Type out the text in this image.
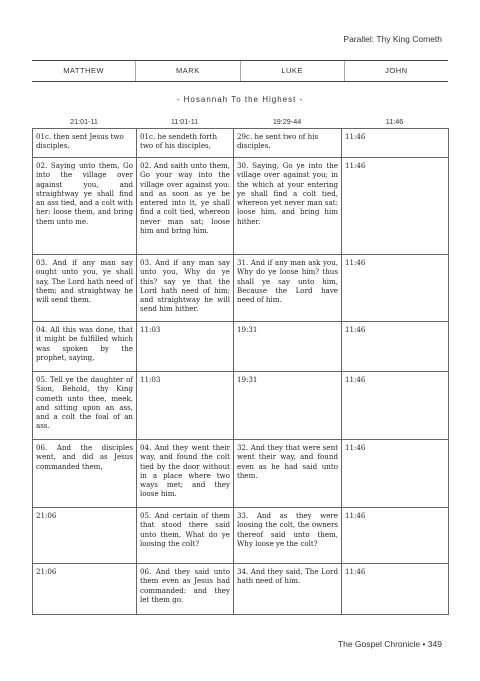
Parallel: Thy King Cometh
MATTHEW	MARK	LUKE	JOHN
- Hosannah To the Highest -
21:01-11	11:01-11	19:29-44	11:46
01c. then sent Jesus two disciples,	01c. he sendeth forth two of his disciples,	29c. he sent two of his disciples,	11:46
02. Saying unto them, Go into the village over against you, and straightway ye shall find an ass tied, and a colt with her: loose them, and bring them unto me.	02. And saith unto them, Go your way into the village over against you: and as soon as ye be entered into it, ye shall find a colt tied, whereon never man sat; loose him and bring him.	30. Saying, Go ye into the village over against you; in the which at your entering ye shall find a colt tied, whereon yet never man sat: loose him, and bring him hither.	11:46
03. And if any man say ought unto you, ye shall say, The Lord hath need of them; and straightway he will send them.	03. And if any man say unto you, Why do ye this? say ye that the Lord hath need of him; and straightway he will send him hither.	31. And if any man ask you, Why do ye loose him? thus shall ye say unto him, Because the Lord have need of him.	11:46
04. All this was done, that it might be fulfilled which was spoken by the prophet, saying,	11:03	19:31	11:46
05. Tell ye the daughter of Sion, Behold, thy King cometh unto thee, meek, and sitting upon an ass, and a colt the foal of an ass.	11:03	19:31	11:46
06. And the disciples went, and did as Jesus commanded them,	04. And they went their way, and found the colt tied by the door without in a place where two ways met; and they loose him.	32. And they that were sent went their way, and found even as he had said unto them.	11:46
21:06	05. And certain of them that stood there said unto them, What do ye loosing the colt?	33. And as they were loosing the colt, the owners thereof said unto them, Why loose ye the colt?	11:46
21:06	06. And they said unto them even as Jesus had commanded: and they let them go.	34. And they said, The Lord hath need of him.	11:46
The Gospel Chronicle • 349
